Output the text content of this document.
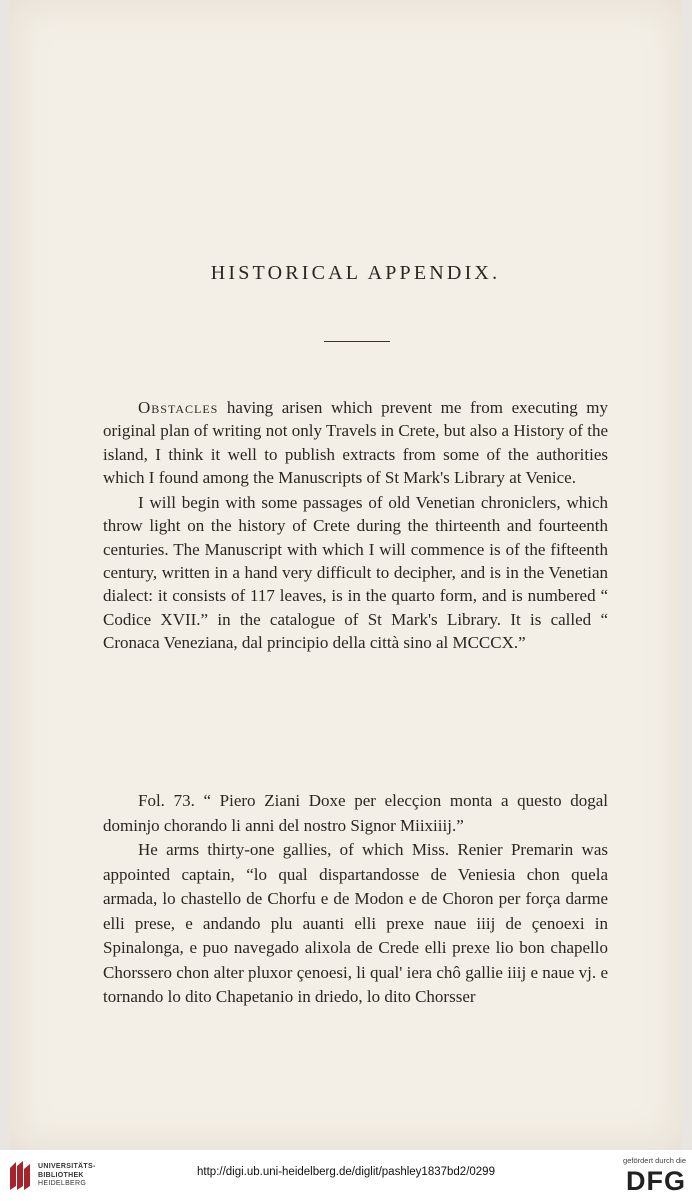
HISTORICAL APPENDIX.

Obstacles having arisen which prevent me from executing my original plan of writing not only Travels in Crete, but also a History of the island, I think it well to publish extracts from some of the authorities which I found among the Manuscripts of St Mark's Library at Venice.

I will begin with some passages of old Venetian chroniclers, which throw light on the history of Crete during the thirteenth and fourteenth centuries. The Manuscript with which I will commence is of the fifteenth century, written in a hand very difficult to decipher, and is in the Venetian dialect: it consists of 117 leaves, is in the quarto form, and is numbered “ Codice XVII.” in the catalogue of St Mark's Library. It is called “ Cronaca Veneziana, dal principio della città sino al MCCCX.”

Fol. 73. “ Piero Ziani Doxe per elecçion monta a questo dogal dominjo chorando li anni del nostro Signor Miixiiij.”

He arms thirty-one gallies, of which Miss. Renier Premarin was appointed captain, “lo qual dispartandosse de Veniesia chon quela armada, lo chastello de Chorfu e de Modon e de Choron per força darme elli prese, e andando plu auanti elli prexe naue iiij de çenoexi in Spinalonga, e puo navegado alixola de Crede elli prexe lio bon chapello Chorssero chon alter pluxor çenoesi, li qual' iera chô gallie iiij e naue vj. e tornando lo dito Chapetanio in driedo, lo dito Chorsser

UNIVERSITÄTS-
BIBLIOTHEK
HEIDELBERG
http://digi.ub.uni-heidelberg.de/diglit/pashley1837bd2/0299
gefördert durch die
DFG
